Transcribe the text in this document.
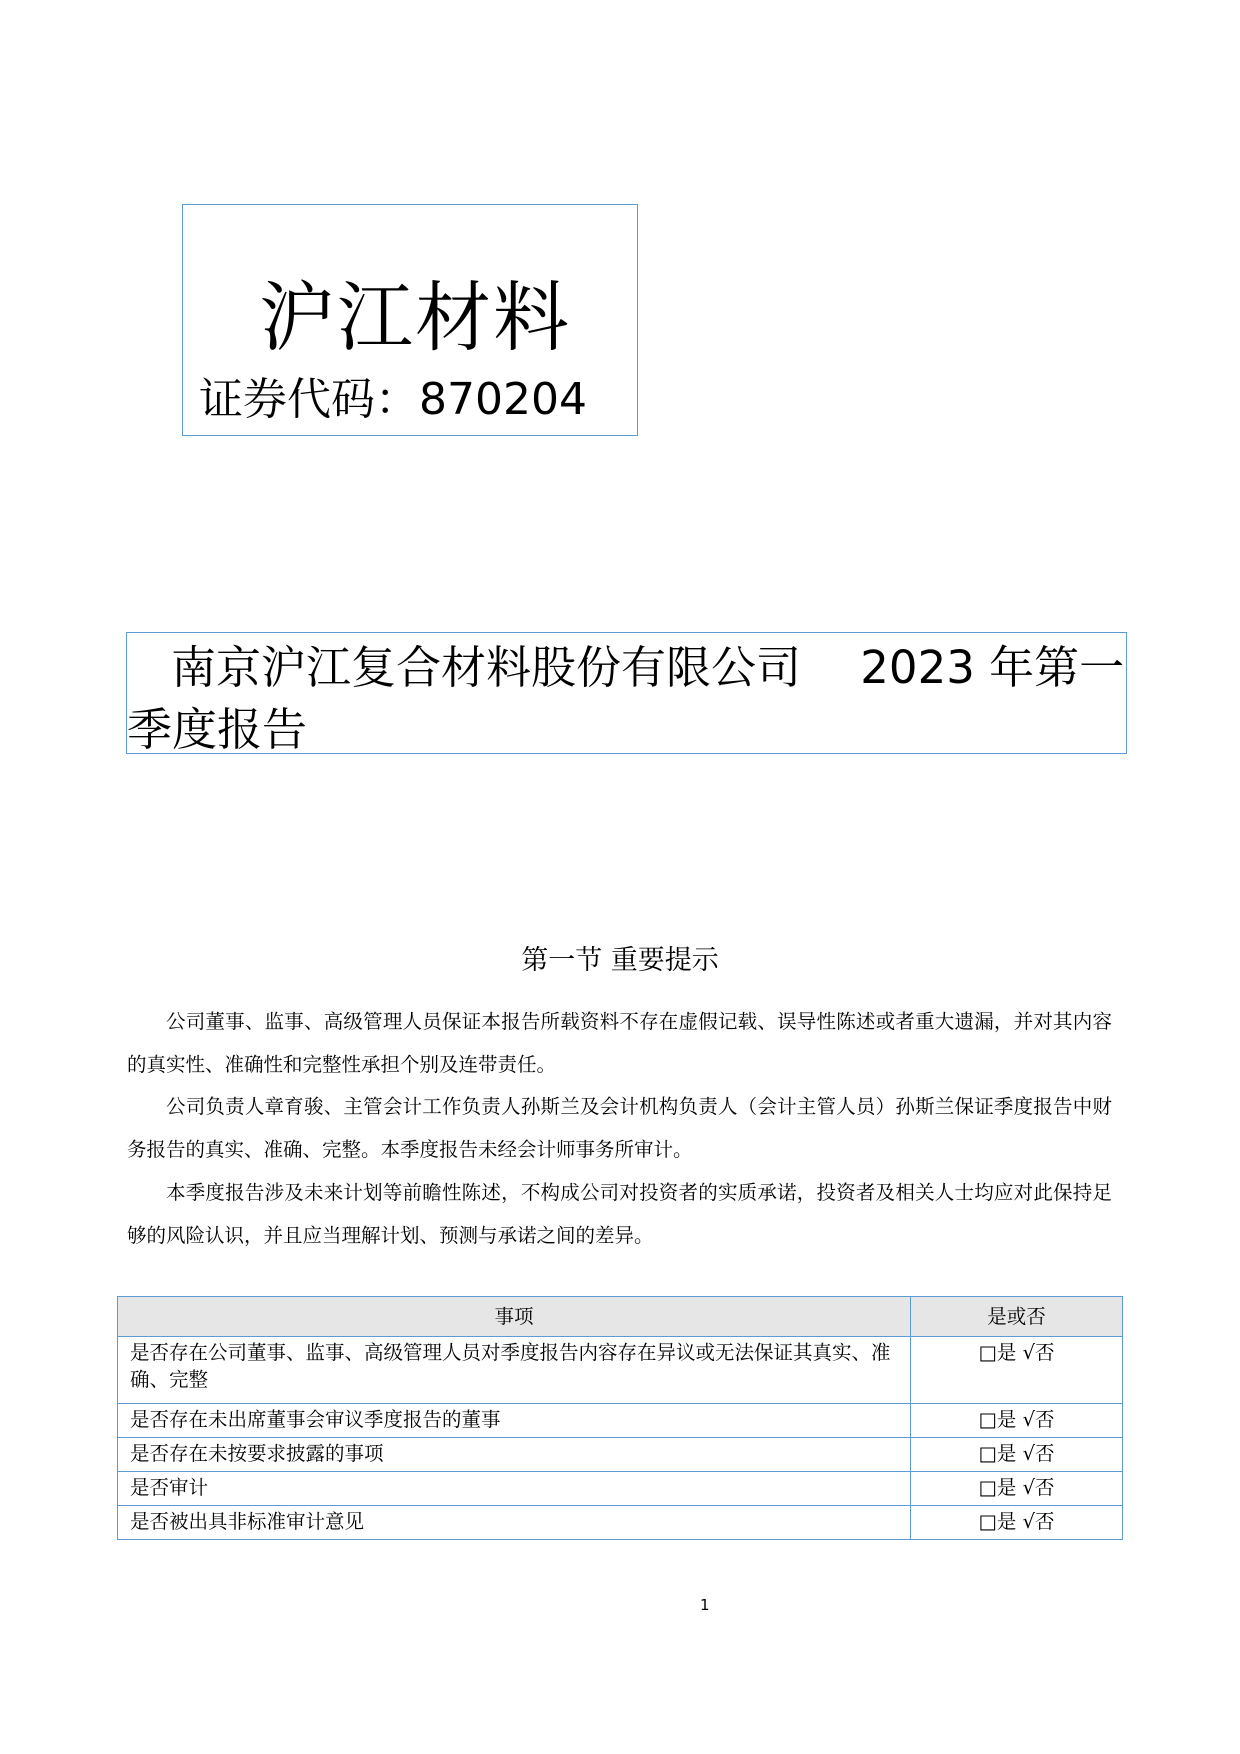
沪江材料
证券代码：870204
南京沪江复合材料股份有限公司　 2023 年第一季度报告
第一节 重要提示

公司董事、监事、高级管理人员保证本报告所载资料不存在虚假记载、误导性陈述或者重大遗漏，并对其内容的真实性、准确性和完整性承担个别及连带责任。

公司负责人章育骏、主管会计工作负责人孙斯兰及会计机构负责人（会计主管人员）孙斯兰保证季度报告中财务报告的真实、准确、完整。本季度报告未经会计师事务所审计。

本季度报告涉及未来计划等前瞻性陈述，不构成公司对投资者的实质承诺，投资者及相关人士均应对此保持足够的风险认识，并且应当理解计划、预测与承诺之间的差异。

事项	是或否
是否存在公司董事、监事、高级管理人员对季度报告内容存在异议或无法保证其真实、准确、完整	□是 √否
是否存在未出席董事会审议季度报告的董事	□是 √否
是否存在未按要求披露的事项	□是 √否
是否审计	□是 √否
是否被出具非标准审计意见	□是 √否
1
